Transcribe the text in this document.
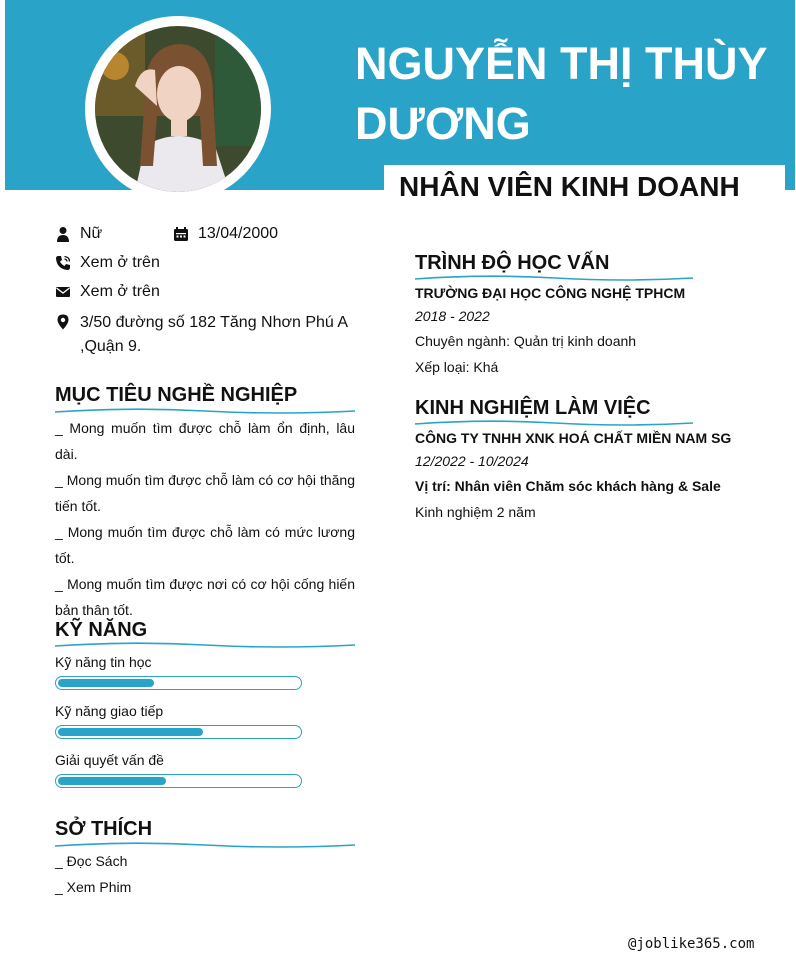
NGUYỄN THỊ THÙY
DƯƠNG
NHÂN VIÊN KINH DOANH
Nữ	13/04/2000
Xem ở trên
Xem ở trên
3/50 đường số 182 Tăng Nhơn Phú A ,Quận 9.
MỤC TIÊU NGHỀ NGHIỆP

_ Mong muốn tìm được chỗ làm ổn định, lâu dài.

_ Mong muốn tìm được chỗ làm có cơ hội thăng tiến tốt.

_ Mong muốn tìm được chỗ làm có mức lương tốt.

_ Mong muốn tìm được nơi có cơ hội cống hiến bản thân tốt.

KỸ NĂNG
Kỹ năng tin học
Kỹ năng giao tiếp
Giải quyết vấn đề
SỞ THÍCH
_ Đọc Sách
_ Xem Phim
TRÌNH ĐỘ HỌC VẤN
TRƯỜNG ĐẠI HỌC CÔNG NGHỆ TPHCM
2018 - 2022
Chuyên ngành: Quản trị kinh doanh
Xếp loại: Khá
KINH NGHIỆM LÀM VIỆC
CÔNG TY TNHH XNK HOÁ CHẤT MIỀN NAM SG
12/2022 - 10/2024
Vị trí: Nhân viên Chăm sóc khách hàng & Sale
Kinh nghiệm 2 năm
@joblike365.com
